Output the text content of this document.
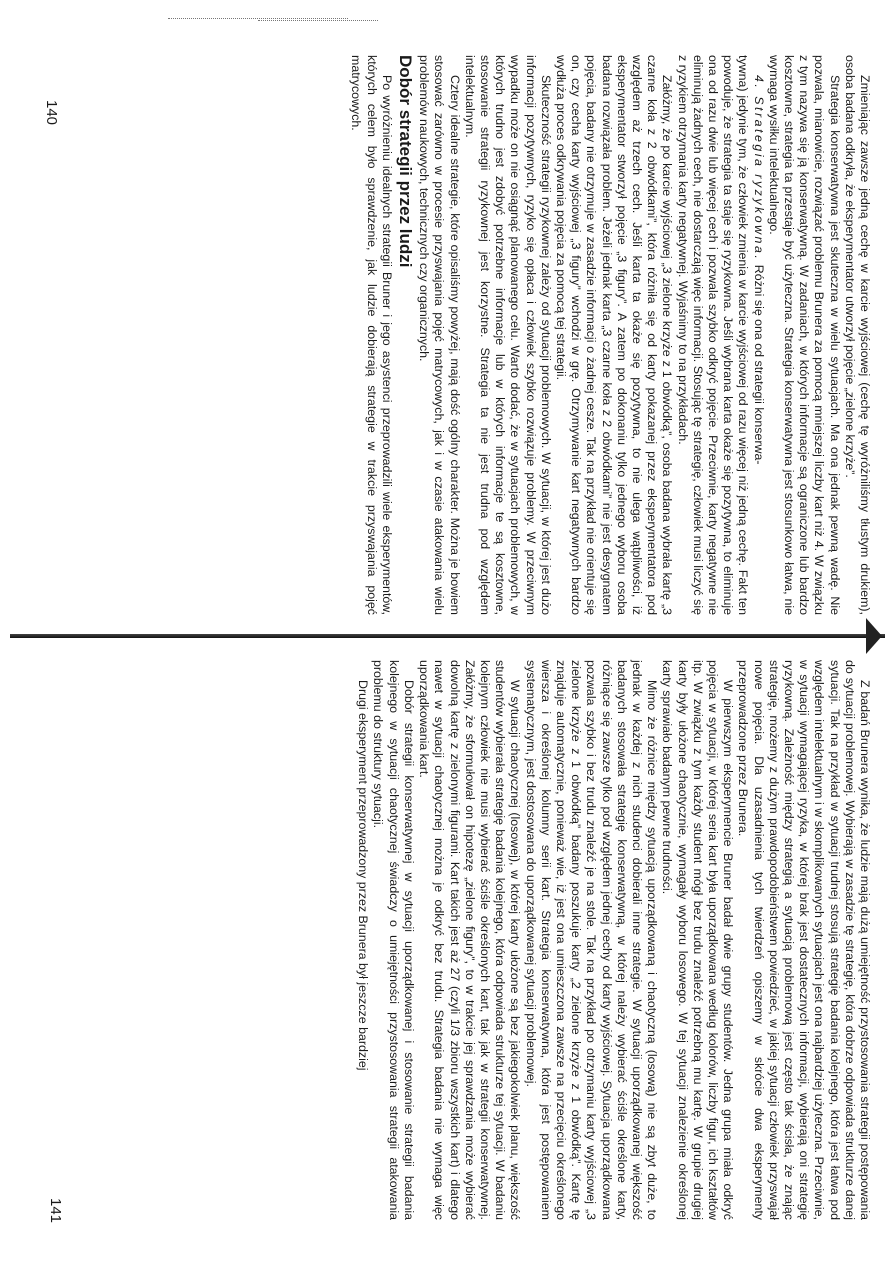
Zmieniając zawsze jedną cechę w karcie wyjściowej (cechę tę wyróżniliśmy tłustym drukiem), osoba badana odkryła, że eksperymentator utworzył pojęcie „zielone krzyże”.

Strategia konserwatywna jest skuteczna w wielu sytuacjach. Ma ona jednak pewną wadę. Nie pozwala, mianowicie, rozwiązać problemu Brunera za pomocą mniejszej liczby kart niż 4. W związku z tym nazywa się ją konserwatywną. W zadaniach, w których informacje są ograniczone lub bardzo kosztowne, strategia ta przestaje być użyteczna. Strategia konserwatywna jest stosunkowo łatwa, nie wymaga wysiłku intelektualnego.

4. Strategia ryzykowna. Różni się ona od strategii konserwa-

tywna) jedynie tym, że człowiek zmienia w karcie wyjściowej od razu więcej niż jedną cechę. Fakt ten powoduje, że strategia ta staje się ryzykowna. Jeśli wybrana karta okaże się pozytywna, to eliminuje ona od razu dwie lub więcej cech i pozwala szybko odkryć pojęcie. Przeciwnie, karty negatywne nie eliminują żadnych cech, nie dostarczają więc informacji. Stosując tę strategię, człowiek musi liczyć się z ryzykiem otrzymania karty negatywnej. Wyjaśnimy to na przykładach.

Załóżmy, że po karcie wyjściowej „3 zielone krzyże z 1 obwódką”, osoba badana wybrała kartę „3 czarne koła z 2 obwódkami”, która różniła się od karty pokazanej przez eksperymentatora pod względem aż trzech cech. Jeśli karta ta okaże się pozytywna, to nie ulega wątpliwości, iż eksperymentator stworzył pojęcie „3 figury”. A zatem po dokonaniu tylko jednego wyboru osoba badana rozwiązała problem. Jeżeli jednak karta „3 czarne koła z 2 obwódkami” nie jest desygnatem pojęcia, badany nie otrzymuje w zasadzie informacji o żadnej cesze. Tak na przykład nie orientuje się on, czy cecha karty wyjściowej „3 figury” wchodzi w grę. Otrzymywanie kart negatywnych bardzo wydłuża proces odkrywania pojęcia za pomocą tej strategii.

Skuteczność strategii ryzykownej zależy od sytuacji problemowych. W sytuacji, w której jest dużo informacji pozytywnych, ryzyko się opłaca i człowiek szybko rozwiązuje problemy. W przeciwnym wypadku może on nie osiągnąć planowanego celu. Warto dodać, że w sytuacjach problemowych, w których trudno jest zdobyć potrzebne informacje lub w których informacje te są kosztowne, stosowanie strategii ryzykownej jest korzystne. Strategia ta nie jest trudna pod względem intelektualnym.

Cztery idealne strategie, które opisaliśmy powyżej, mają dość ogólny charakter. Można je bowiem stosować zarówno w procesie przyswajania pojęć matrycowych, jak i w czasie atakowania wielu problemów naukowych, technicznych czy organicznych.

Dobór strategii przez ludzi

Po wyróżnieniu idealnych strategii Bruner i jego asystenci przeprowadzili wiele eksperymentów, których celem było sprawdzenie, jak ludzie dobierają strategie w trakcie przyswajania pojęć matrycowych.

140

Z badań Brunera wynika, że ludzie mają dużą umiejętność przystosowania strategii postępowania do sytuacji problemowej. Wybierają w zasadzie tę strategię, która dobrze odpowiada strukturze danej sytuacji. Tak na przykład w sytuacji trudnej stosują strategię badania kolejnego, która jest łatwa pod względem intelektualnym i w skomplikowanych sytuacjach jest ona najbardziej użyteczna. Przeciwnie, w sytuacji wymagającej ryzyka, w której brak jest dostatecznych informacji, wybierają oni strategię ryzykowną. Zależność między strategią a sytuacją problemową jest często tak ścisła, że znając strategię, możemy z dużym prawdopodobieństwem powiedzieć, w jakiej sytuacji człowiek przyswajał nowe pojęcia. Dla uzasadnienia tych twierdzeń opiszemy w skrócie dwa eksperymenty przeprowadzone przez Brunera.

W pierwszym eksperymencie Bruner badał dwie grupy studentów. Jedna grupa miała odkryć pojęcia w sytuacji, w której seria kart była uporządkowana według kolorów, liczby figur, ich kształtów itp. W związku z tym każdy student mógł bez trudu znaleźć potrzebną mu kartę. W grupie drugiej karty były ułożone chaotycznie, wymagały wyboru losowego. W tej sytuacji znalezienie określonej karty sprawiało badanym pewne trudności.

Mimo że różnice między sytuacją uporządkowaną i chaotyczną (losową) nie są zbyt duże, to jednak w każdej z nich studenci dobierali inne strategie. W sytuacji uporządkowanej większość badanych stosowała strategię konserwatywną, w której należy wybierać ściśle określone karty, różniące się zawsze tylko pod względem jednej cechy od karty wyjściowej. Sytuacja uporządkowana pozwala szybko i bez trudu znaleźć je na stole. Tak na przykład po otrzymaniu karty wyjściowej „3 zielone krzyże z 1 obwódką” badany poszukuje karty „2 zielone krzyże z 1 obwódką”. Kartę tę znajduje automatycznie, ponieważ wie, iż jest ona umieszczona zawsze na przecięciu określonego wiersza i określonej kolumny serii kart. Strategia konserwatywna, która jest postępowaniem systematycznym, jest dostosowana do uporządkowanej sytuacji problemowej.

W sytuacji chaotycznej (losowej), w której karty ułożone są bez jakiegokolwiek planu, większość studentów wybierała strategię badania kolejnego, która odpowiada strukturze tej sytuacji. W badaniu kolejnym człowiek nie musi wybierać ściśle określonych kart, tak jak w strategii konserwatywnej. Załóżmy, że sformułował on hipotezę „zielone figury”, to w trakcie jej sprawdzania może wybierać dowolną kartę z zielonymi figurami. Kart takich jest aż 27 (czyli 1/3 zbioru wszystkich kart) i dlatego nawet w sytuacji chaotycznej można je odkryć bez trudu. Strategia badania nie wymaga więc uporządkowania kart.

Dobór strategii konserwatywnej w sytuacji uporządkowanej i stosowanie strategii badania kolejnego w sytuacji chaotycznej świadczy o umiejętności przystosowania strategii atakowania problemu do struktury sytuacji.

Drugi eksperyment przeprowadzony przez Brunera był jeszcze bardziej

141
